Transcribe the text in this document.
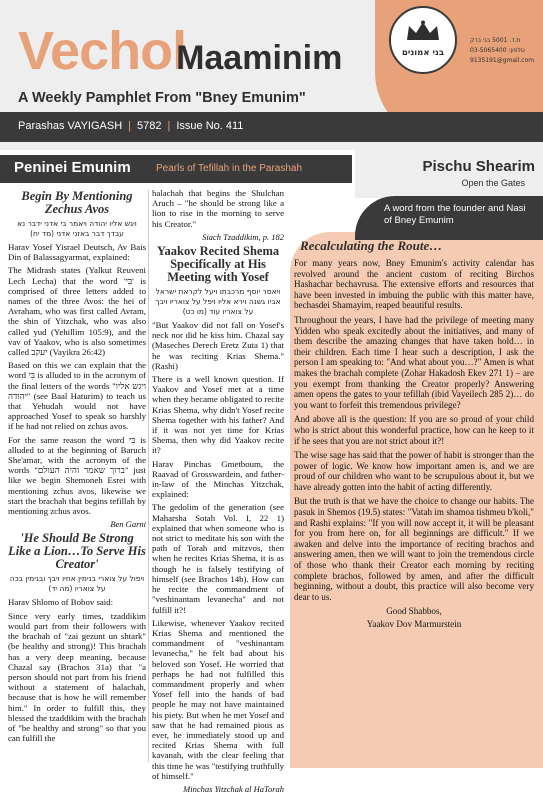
VecholMaaminim
A Weekly Pamphlet From "Bney Emunim"
Parashas VAYIGASH | 5782 | Issue No. 411
בני אמונים
ת.ד. 5001 בני ברק
03-5065400 :טלפון
9135191@gmail.com
Peninei Emunim	Pearls of Tefillah in the Parashah	Pischu Shearim
Open the Gates
A word from the founder and Nasi of Bney Emunim
Recalculating the Route…

For many years now, Bney Emunim's activity calendar has revolved around the ancient custom of reciting Birchos Hashachar bechavrusa. The extensive efforts and resources that have been invested in imbuing the public with this matter have, bechasdei Shamayim, reaped beautiful results.

Throughout the years, I have had the privilege of meeting many Yidden who speak excitedly about the initiatives, and many of them describe the amazing changes that have taken hold… in their children. Each time I hear such a description, I ask the person I am speaking to: "And what about you…?" Amen is what makes the brachah complete (Zohar Hakadosh Ekev 271 1) – are you exempt from thanking the Creator properly? Answering amen opens the gates to your tefillah (ibid Vayeilech 285 2)… do you want to forfeit this tremendous privilege?

And above all is the question: If you are so proud of your child who is strict about this wonderful practice, how can he keep to it if he sees that you are not strict about it?!

The wise sage has said that the power of habit is stronger than the power of logic. We know how important amen is, and we are proud of our children who want to be scrupulous about it, but we have already gotten into the habit of acting differently.

But the truth is that we have the choice to change our habits. The pasuk in Shemos (19.5) states: "Vatah im shamoa tishmeu b'koli," and Rashi explains: "If you will now accept it, it will be pleasant for you from here on, for all beginnings are difficult." If we awaken and delve into the importance of reciting brachos and answering amen, then we will want to join the tremendous circle of those who thank their Creator each morning by reciting complete brachos, followed by amen, and after the difficult beginning, without a doubt, this practice will also become very dear to us.

Good Shabbos,
Yaakov Dov Marmurstein
Begin By Mentioning Zechus Avos
ויגש אליו יהודה ויאמר בי אדני ידבר נא עבדך דבר באזני אדני (מד יח)

Harav Yosef Yisrael Deutsch, Av Bais Din of Balassagyarmat, explained:

The Midrash states (Yalkut Reuveni Lech Lecha) that the word 'בִּי' is comprised of three letters added to names of the three Avos: the hei of Avraham, who was first called Avram, the shin of Yitzchak, who was also called yud (Yehillim 105:9), and the vav of Yaakov, who is also sometimes called יעקב (Vayikra 26:42)

Based on this we can explain that the word בִּי is alluded to in the acronym of the final letters of the words "ויגש אליו יהודה" (see Baal Haturim) to teach us that Yehudah would not have approached Yosef to speak so harshly if he had not relied on zchus avos.

For the same reason the word בִּי is alluded to at the beginning of Baruch She'amar, with the acronym of the words "ברוך שאמר והיה העולם" just like we begin Shemoneh Esrei with mentioning zchus avos, likewise we start the brachah that begins tefillah by mentioning zchus avos.

Ben Garni
'He Should Be Strong Like a Lion…To Serve His Creator'
ויפול על צוארי בנימין אחיו ויבך ובנימין בכה על צואריו (מה יד)

Harav Shlomo of Bobov said:

Since very early times, tzaddikim would part from their followers with the brachah of "zai gezunt un shtark" (be healthy and strong)! This brachah has a very deep meaning, because Chazal say (Brachos 31a) that "a person should not part from his friend without a statement of halachah, because that is how he will remember him." In order to fulfill this, they blessed the tzaddikim with the brachah of "be healthy and strong" so that you can fulfill the

halachah that begins the Shulchan Aruch – "he should be strong like a lion to rise in the morning to serve his Creator."

Siach Tzaddikim, p. 182
Yaakov Recited Shema Specifically at His Meeting with Yosef
ויאסר יוסף מרכבתו ויעל לקראת ישראל אביו גשנה וירא אליו ויפל על צואריו ויבך על צואריו עוד (מו כט)

"But Yaakov did not fall on Yosef's neck nor did he kiss him. Chazal say (Maseches Derech Eretz Zuta 1) that he was reciting Krias Shema." (Rashi)

There is a well known question. If Yaakov and Yosef met at a time when they became obligated to recite Krias Shema, why didn't Yosef recite Shema together with his father? And if it was not yet time for Krias Shema, then why did Yaakov recite it?

Harav Pinchas Gmetboum, the Raavad of Grosswardein, and father-in-law of the Minchas Yitzchak, explained:

The gedolim of the generation (see Maharsha Sotah Vol. I, 22 1) explained that when someone who is not strict to meditate his son with the path of Torah and mitzvos, then when he recites Krias Shema, it is as though he is falsely testifying of himself (see Brachos 14b). How can he recite the commandment of "veshinantam levanecha" and not fulfill it?!

Likewise, whenever Yaakov recited Krias Shema and mentioned the commandment of "veshinantam levanecha," he felt bad about his beloved son Yosef. He worried that perhaps he had not fulfilled this commandment properly and when Yosef fell into the hands of bad people he may not have maintained his piety. But when he met Yosef and saw that he had remained pious as ever, he immediately stood up and recited Krias Shema with full kavanah, with the clear feeling that this time he was "testifying truthfully of himself."

Minchas Yitzchak al HaTorah
